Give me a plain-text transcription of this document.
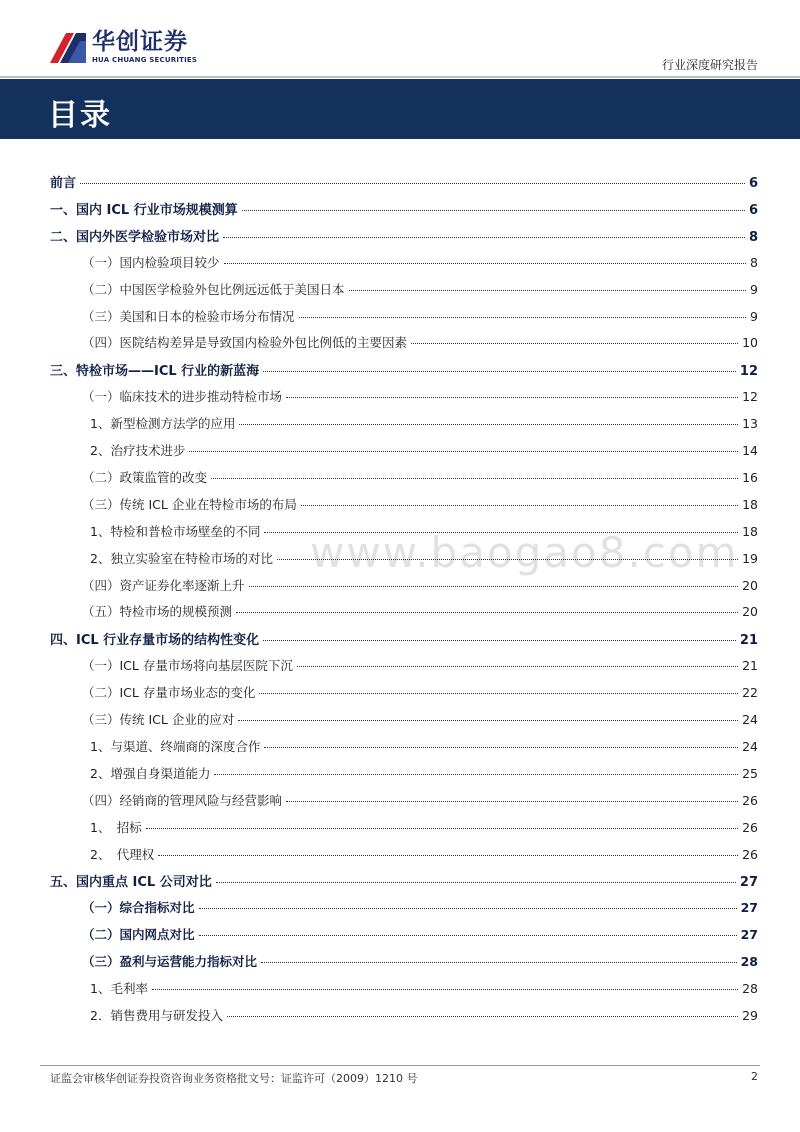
华创证券
HUA CHUANG SECURITIES	行业深度研究报告
目录
www.baogao8.com
前言	6
一、国内 ICL 行业市场规模测算	6
二、国内外医学检验市场对比	8
（一）国内检验项目较少	8
（二）中国医学检验外包比例远远低于美国日本	9
（三）美国和日本的检验市场分布情况	9
（四）医院结构差异是导致国内检验外包比例低的主要因素	10
三、特检市场——ICL 行业的新蓝海	12
（一）临床技术的进步推动特检市场	12
1、新型检测方法学的应用	13
2、治疗技术进步	14
（二）政策监管的改变	16
（三）传统 ICL 企业在特检市场的布局	18
1、特检和普检市场壁垒的不同	18
2、独立实验室在特检市场的对比	19
（四）资产证券化率逐渐上升	20
（五）特检市场的规模预测	20
四、ICL 行业存量市场的结构性变化	21
（一）ICL 存量市场将向基层医院下沉	21
（二）ICL 存量市场业态的变化	22
（三）传统 ICL 企业的应对	24
1、与渠道、终端商的深度合作	24
2、增强自身渠道能力	25
（四）经销商的管理风险与经营影响	26
1、　招标	26
2、　代理权	26
五、国内重点 ICL 公司对比	27
（一）综合指标对比	27
（二）国内网点对比	27
（三）盈利与运营能力指标对比	28
1、毛利率	28
2．销售费用与研发投入	29
证监会审核华创证券投资咨询业务资格批文号：证监许可（2009）1210 号	2
